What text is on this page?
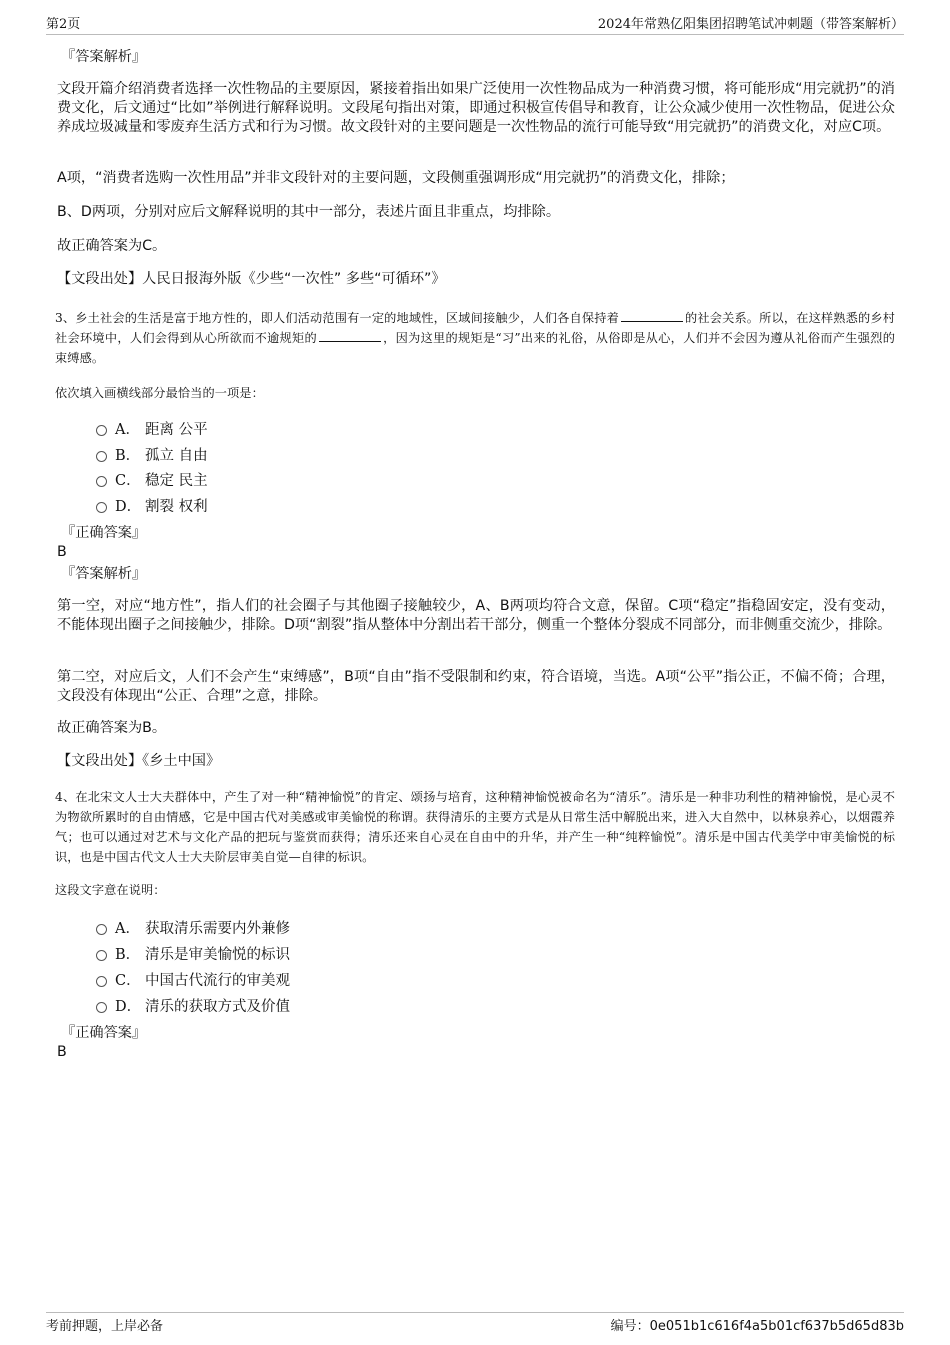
第2页	2024年常熟亿阳集团招聘笔试冲刺题（带答案解析）
『答案解析』

文段开篇介绍消费者选择一次性物品的主要原因，紧接着指出如果广泛使用一次性物品成为一种消费习惯，将可能形成“用完就扔”的消费文化，后文通过“比如”举例进行解释说明。文段尾句指出对策，即通过积极宣传倡导和教育，让公众减少使用一次性物品，促进公众养成垃圾减量和零废弃生活方式和行为习惯。故文段针对的主要问题是一次性物品的流行可能导致“用完就扔”的消费文化，对应C项。

A项，“消费者选购一次性用品”并非文段针对的主要问题，文段侧重强调形成“用完就扔”的消费文化，排除；

B、D两项，分别对应后文解释说明的其中一部分，表述片面且非重点，均排除。

故正确答案为C。

【文段出处】人民日报海外版《少些“一次性” 多些“可循环”》

3、乡土社会的生活是富于地方性的，即人们活动范围有一定的地域性，区域间接触少，人们各自保持着	的社会关系。所以，在这样熟悉的乡村社会环境中，人们会得到从心所欲而不逾规矩的	，因为这里的规矩是“习”出来的礼俗，从俗即是从心，人们并不会因为遵从礼俗而产生强烈的束缚感。

依次填入画横线部分最恰当的一项是：

A． 距离 公平
B． 孤立 自由
C． 稳定 民主
D． 割裂 权利
『正确答案』
B
『答案解析』

第一空，对应“地方性”，指人们的社会圈子与其他圈子接触较少，A、B两项均符合文意，保留。C项“稳定”指稳固安定，没有变动，不能体现出圈子之间接触少，排除。D项“割裂”指从整体中分割出若干部分，侧重一个整体分裂成不同部分，而非侧重交流少，排除。

第二空，对应后文，人们不会产生“束缚感”，B项“自由”指不受限制和约束，符合语境，当选。A项“公平”指公正，不偏不倚；合理，文段没有体现出“公正、合理”之意，排除。

故正确答案为B。

【文段出处】《乡土中国》

4、在北宋文人士大夫群体中，产生了对一种“精神愉悦”的肯定、颂扬与培育，这种精神愉悦被命名为“清乐”。清乐是一种非功利性的精神愉悦，是心灵不为物欲所累时的自由情感，它是中国古代对美感或审美愉悦的称谓。获得清乐的主要方式是从日常生活中解脱出来，进入大自然中，以林泉养心，以烟霞养气；也可以通过对艺术与文化产品的把玩与鉴赏而获得；清乐还来自心灵在自由中的升华，并产生一种“纯粹愉悦”。清乐是中国古代美学中审美愉悦的标识，也是中国古代文人士大夫阶层审美自觉—自律的标识。

这段文字意在说明：

A． 获取清乐需要内外兼修
B． 清乐是审美愉悦的标识
C． 中国古代流行的审美观
D． 清乐的获取方式及价值
『正确答案』
B
考前押题，上岸必备	编号：0e051b1c616f4a5b01cf637b5d65d83b
